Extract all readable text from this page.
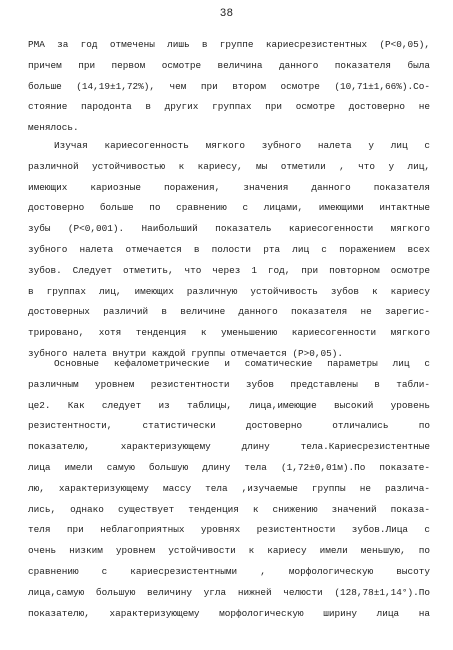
38
РМА за год отмечены лишь в группе кариесрезистентных (Р<0,05),
причем при первом осмотре величина данного показателя была
больше (14,19±1,72%), чем при втором осмотре (10,71±1,66%).Со-
стояние пародонта в других группах при осмотре достоверно не
менялось.
Изучая кариесогенность мягкого зубного налета у лиц с
различной устойчивостью к кариесу, мы отметили , что у лиц,
имеющих кариозные поражения, значения данного показателя
достоверно больше по сравнению с лицами, имеющими интактные
зубы (Р<0,001). Наибольший показатель кариесогенности мягкого
зубного налета отмечается в полости рта лиц с поражением всех
зубов. Следует отметить, что через 1 год, при повторном осмотре
в группах лиц, имеющих различную устойчивость зубов к кариесу
достоверных различий в величине данного показателя не зарегис-
трировано, хотя тенденция к уменьшению кариесогенности мягкого
зубного налета внутри каждой группы отмечается (Р>0,05).
Основные кефалометрические и соматические параметры лиц с
различным уровнем резистентности зубов представлены в табли-
це2. Как следует из таблицы, лица,имеющие высокий уровень
резистентности, статистически достоверно отличались по
показателю, характеризующему длину тела.Кариесрезистентные
лица имели самую большую длину тела (1,72±0,01м).По показате-
лю, характеризующему массу тела ,изучаемые группы не различа-
лись, однако существует тенденция к снижению значений показа-
теля при неблагоприятных уровнях резистентности зубов.Лица с
очень низким уровнем устойчивости к кариесу имели меньшую, по
сравнению с кариесрезистентными , морфологическую высоту
лица,самую большую величину угла нижней челюсти (128,78±1,14°).По
показателю, характеризующему морфологическую ширину лица на
